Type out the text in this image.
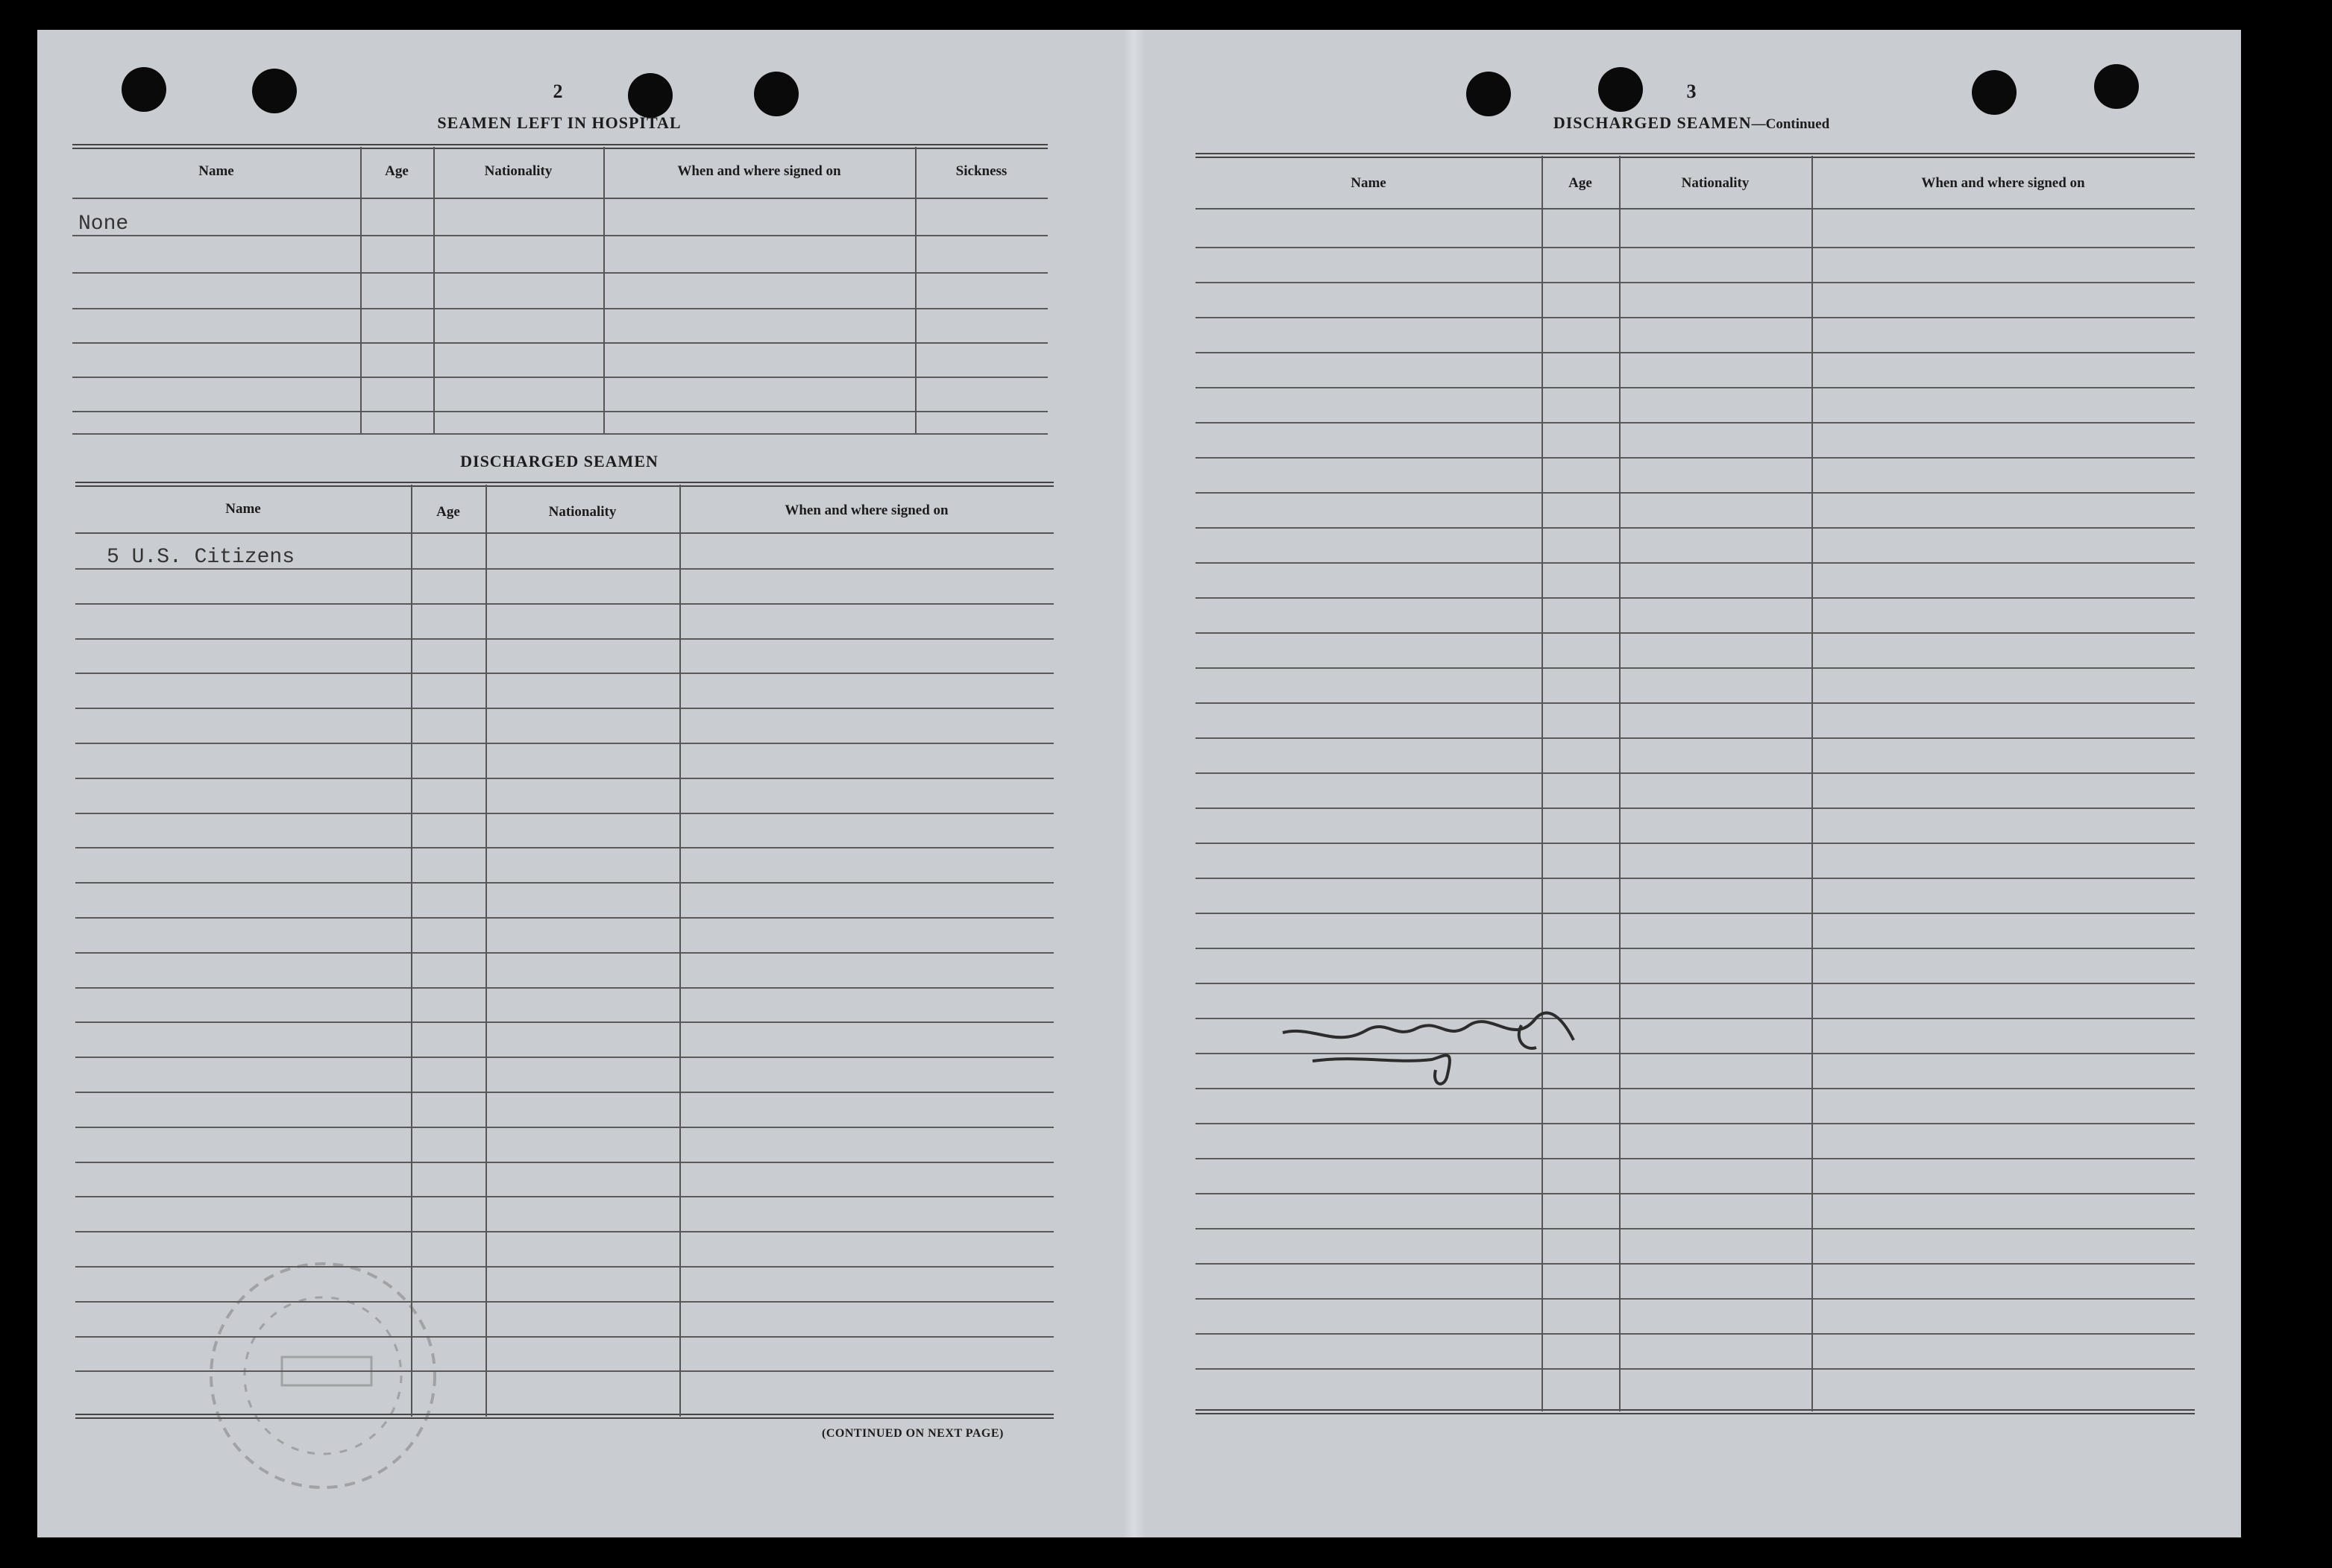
2
SEAMEN LEFT IN HOSPITAL
Name	Age	Nationality	When and where signed on	Sickness
None
DISCHARGED SEAMEN
Name	Age	Nationality	When and where signed on
5 U.S. Citizens
(CONTINUED ON NEXT PAGE)
3
DISCHARGED SEAMEN—Continued
Name	Age	Nationality	When and where signed on
